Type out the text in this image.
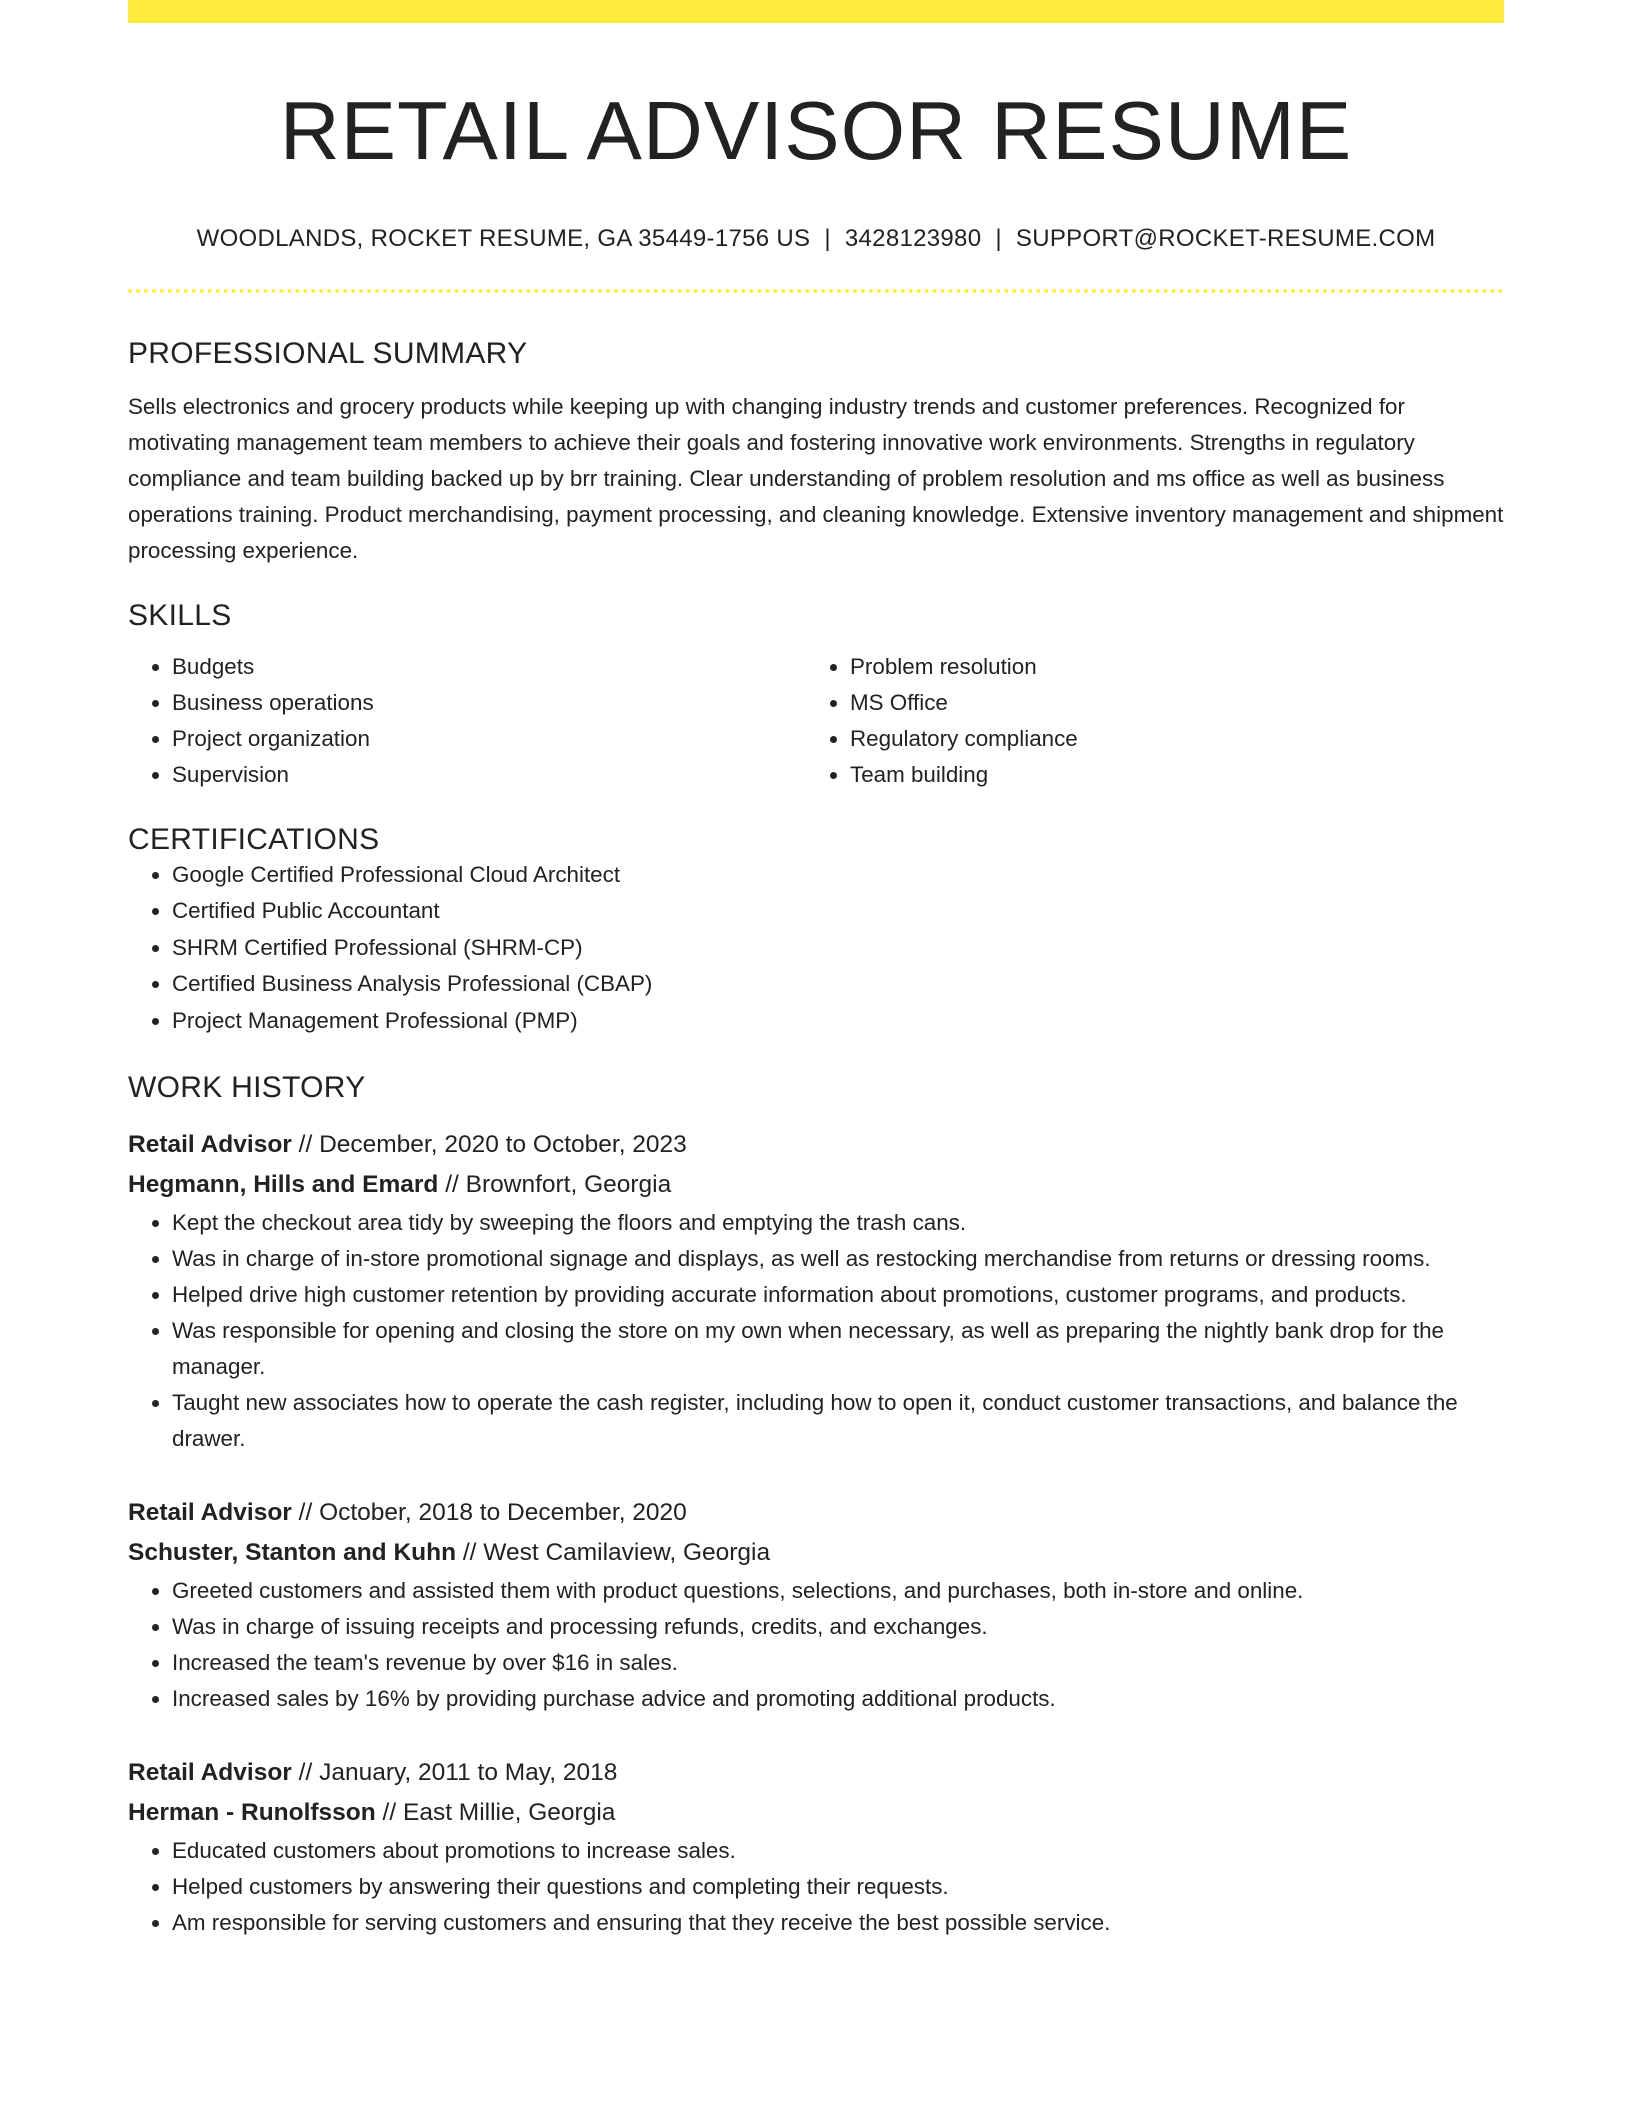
RETAIL ADVISOR RESUME
WOODLANDS, ROCKET RESUME, GA 35449-1756 US | 3428123980 | SUPPORT@ROCKET-RESUME.COM
PROFESSIONAL SUMMARY
Sells electronics and grocery products while keeping up with changing industry trends and customer preferences. Recognized for motivating management team members to achieve their goals and fostering innovative work environments. Strengths in regulatory compliance and team building backed up by brr training. Clear understanding of problem resolution and ms office as well as business operations training. Product merchandising, payment processing, and cleaning knowledge. Extensive inventory management and shipment processing experience.
SKILLS
• Budgets
• Business operations
• Project organization
• Supervision
• Problem resolution
• MS Office
• Regulatory compliance
• Team building
CERTIFICATIONS
• Google Certified Professional Cloud Architect
• Certified Public Accountant
• SHRM Certified Professional (SHRM-CP)
• Certified Business Analysis Professional (CBAP)
• Project Management Professional (PMP)
WORK HISTORY
Retail Advisor // December, 2020 to October, 2023
Hegmann, Hills and Emard // Brownfort, Georgia
• Kept the checkout area tidy by sweeping the floors and emptying the trash cans.
• Was in charge of in-store promotional signage and displays, as well as restocking merchandise from returns or dressing rooms.
• Helped drive high customer retention by providing accurate information about promotions, customer programs, and products.
• Was responsible for opening and closing the store on my own when necessary, as well as preparing the nightly bank drop for the manager.
• Taught new associates how to operate the cash register, including how to open it, conduct customer transactions, and balance the drawer.
Retail Advisor // October, 2018 to December, 2020
Schuster, Stanton and Kuhn // West Camilaview, Georgia
• Greeted customers and assisted them with product questions, selections, and purchases, both in-store and online.
• Was in charge of issuing receipts and processing refunds, credits, and exchanges.
• Increased the team's revenue by over $16 in sales.
• Increased sales by 16% by providing purchase advice and promoting additional products.
Retail Advisor // January, 2011 to May, 2018
Herman - Runolfsson // East Millie, Georgia
• Educated customers about promotions to increase sales.
• Helped customers by answering their questions and completing their requests.
• Am responsible for serving customers and ensuring that they receive the best possible service.
